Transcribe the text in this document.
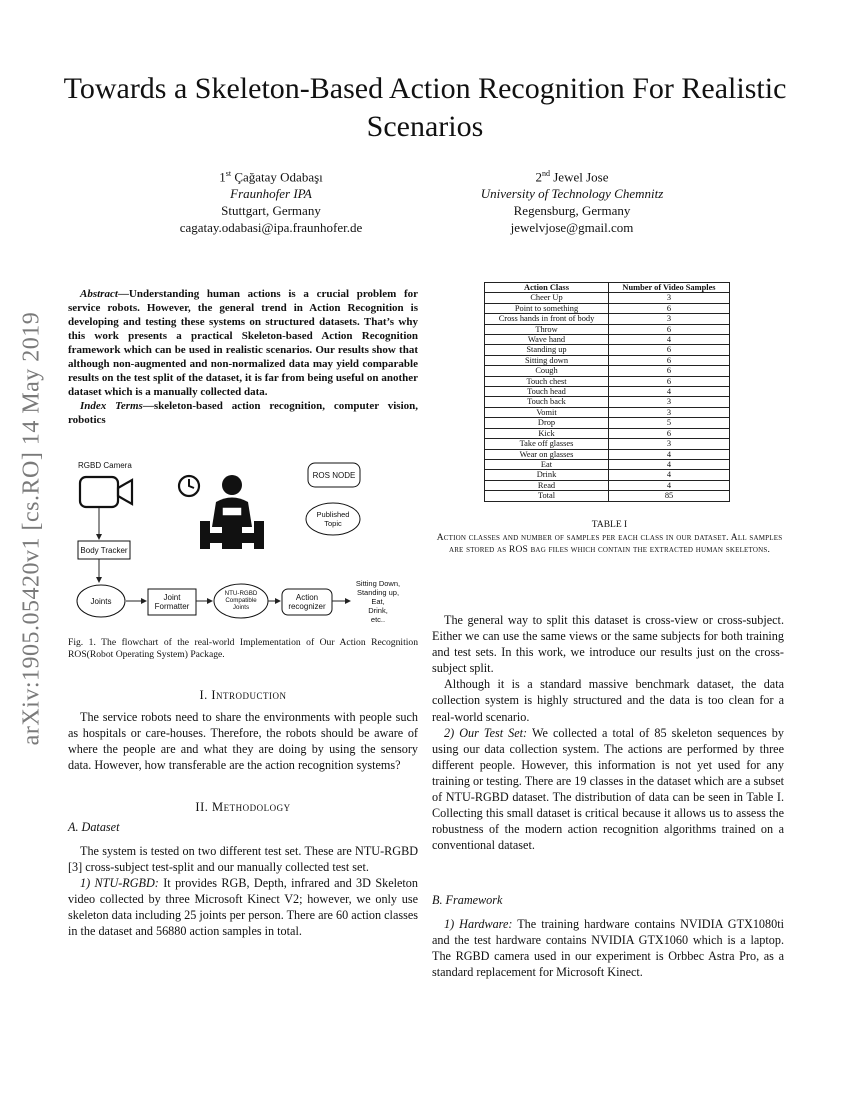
arXiv:1905.05420v1 [cs.RO] 14 May 2019
Towards a Skeleton-Based Action Recognition For Realistic Scenarios
1st Çağatay Odabaşı
Fraunhofer IPA
Stuttgart, Germany
cagatay.odabasi@ipa.fraunhofer.de
2nd Jewel Jose
University of Technology Chemnitz
Regensburg, Germany
jewelvjose@gmail.com

Abstract—Understanding human actions is a crucial problem for service robots. However, the general trend in Action Recognition is developing and testing these systems on structured datasets. That’s why this work presents a practical Skeleton-based Action Recognition framework which can be used in realistic scenarios. Our results show that although non-augmented and non-normalized data may yield comparable results on the test split of the dataset, it is far from being useful on another dataset which is a manually collected data.

Index Terms—skeleton-based action recognition, computer vision, robotics

RGBD Camera
Body Tracker
Joints	Joint
Formatter
NTU-RGBD
Compatible
Joints
Action
recognizer
Sitting Down,
Standing up,
Eat,
Drink,
etc..
ROS NODE
Published
Topic
Fig. 1. The flowchart of the real-world Implementation of Our Action Recognition ROS(Robot Operating System) Package.
I. Introduction

The service robots need to share the environments with people such as hospitals or care-houses. Therefore, the robots should be aware of where the people are and what they are doing by using the sensory data. However, how transferable are the action recognition systems?

II. Methodology
A. Dataset

The system is tested on two different test set. These are NTU-RGBD [3] cross-subject test-split and our manually collected test set.

1) NTU-RGBD: It provides RGB, Depth, infrared and 3D Skeleton video collected by three Microsoft Kinect V2; however, we only use skeleton data including 25 joints per person. There are 60 action classes in the dataset and 56880 action samples in total.

Action Class	Number of Video Samples
Cheer Up	3
Point to something	6
Cross hands in front of body	3
Throw	6
Wave hand	4
Standing up	6
Sitting down	6
Cough	6
Touch chest	6
Touch head	4
Touch back	3
Vomit	3
Drop	5
Kick	6
Take off glasses	3
Wear on glasses	4
Eat	4
Drink	4
Read	4
Total	85
TABLE I
Action classes and number of samples per each class in our dataset. All samples are stored as ROS bag files which contain the extracted human skeletons.

The general way to split this dataset is cross-view or cross-subject. Either we can use the same views or the same subjects for both training and test sets. In this work, we introduce our results just on the cross-subject split.

Although it is a standard massive benchmark dataset, the data collection system is highly structured and the data is too clean for a real-world scenario.

2) Our Test Set: We collected a total of 85 skeleton sequences by using our data collection system. The actions are performed by three different people. However, this information is not yet used for any training or testing. There are 19 classes in the dataset which are a subset of NTU-RGBD dataset. The distribution of data can be seen in Table I. Collecting this small dataset is critical because it allows us to assess the robustness of the modern action recognition algorithms trained on a conventional dataset.

B. Framework

1) Hardware: The training hardware contains NVIDIA GTX1080ti and the test hardware contains NVIDIA GTX1060 which is a laptop. The RGBD camera used in our experiment is Orbbec Astra Pro, as a standard replacement for Microsoft Kinect.
